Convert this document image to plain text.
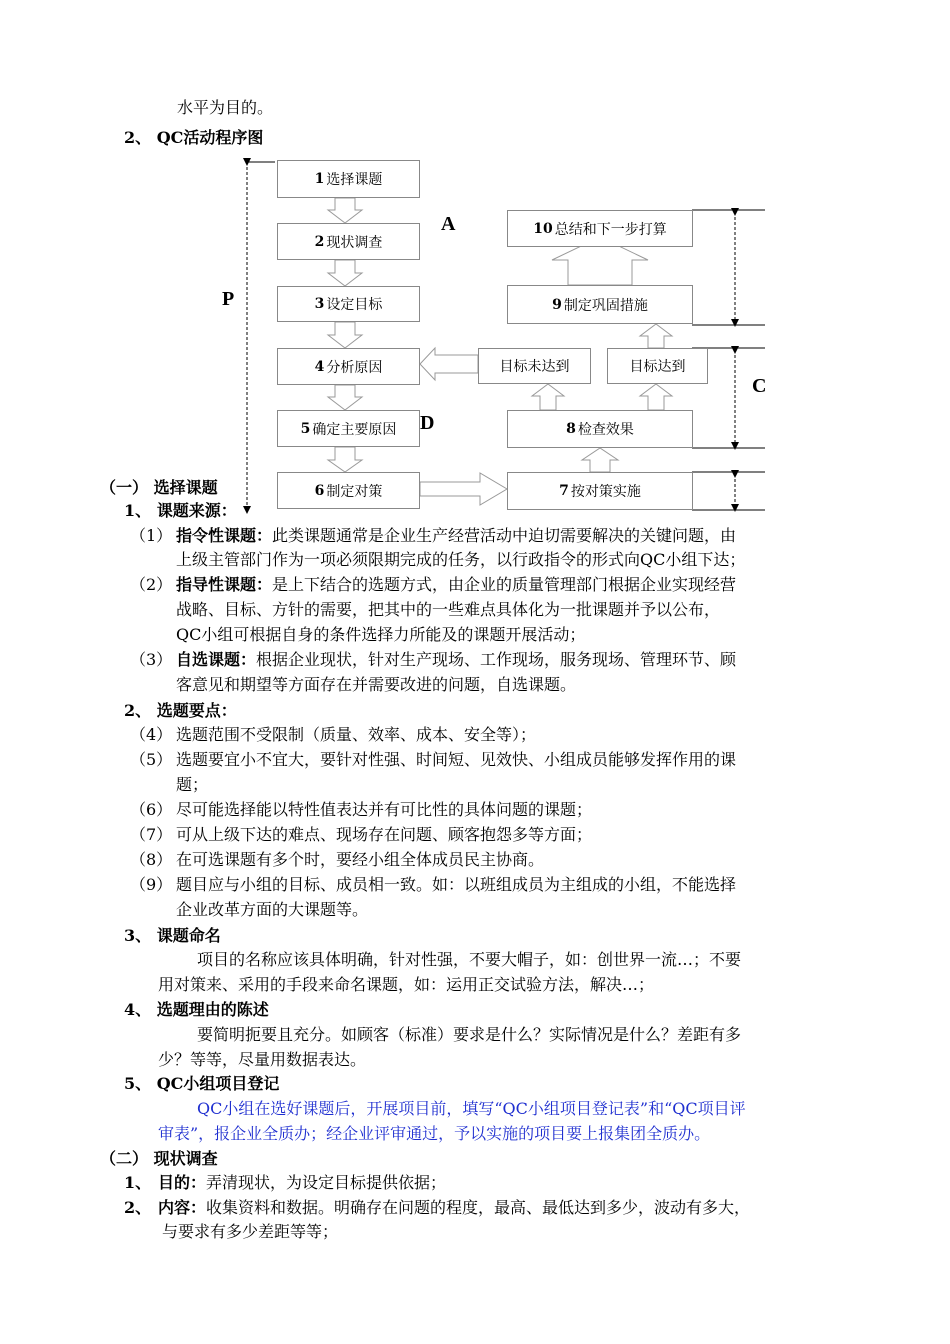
水平为目的。
2、 QC活动程序图
1 选择课题
2 现状调查
3 设定目标
4 分析原因
5 确定主要原因
6 制定对策	7 按对策实施
8 检查效果
目标未达到	目标达到
9 制定巩固措施
10 总结和下一步打算
P
A
C
D
（一） 选择课题
1、 课题来源：
（1） 指令性课题：此类课题通常是企业生产经营活动中迫切需要解决的关键问题，由
上级主管部门作为一项必须限期完成的任务，以行政指令的形式向QC小组下达；
（2） 指导性课题：是上下结合的选题方式，由企业的质量管理部门根据企业实现经营
战略、目标、方针的需要，把其中的一些难点具体化为一批课题并予以公布，
QC小组可根据自身的条件选择力所能及的课题开展活动；
（3） 自选课题：根据企业现状，针对生产现场、工作现场，服务现场、管理环节、顾
客意见和期望等方面存在并需要改进的问题，自选课题。
2、 选题要点：
（4） 选题范围不受限制（质量、效率、成本、安全等）；
（5） 选题要宜小不宜大，要针对性强、时间短、见效快、小组成员能够发挥作用的课
题；
（6） 尽可能选择能以特性值表达并有可比性的具体问题的课题；
（7） 可从上级下达的难点、现场存在问题、顾客抱怨多等方面；
（8） 在可选课题有多个时，要经小组全体成员民主协商。
（9） 题目应与小组的目标、成员相一致。如：以班组成员为主组成的小组，不能选择
企业改革方面的大课题等。
3、 课题命名
项目的名称应该具体明确，针对性强，不要大帽子，如：创世界一流…；不要
用对策来、采用的手段来命名课题，如：运用正交试验方法，解决…；
4、 选题理由的陈述
要简明扼要且充分。如顾客（标准）要求是什么？实际情况是什么？差距有多
少？等等，尽量用数据表达。
5、 QC小组项目登记
QC小组在选好课题后，开展项目前，填写“QC小组项目登记表”和“QC项目评
审表”，报企业全质办；经企业评审通过，予以实施的项目要上报集团全质办。
（二） 现状调查
1、 目的：弄清现状，为设定目标提供依据；
2、 内容：收集资料和数据。明确存在问题的程度，最高、最低达到多少，波动有多大，
与要求有多少差距等等；
